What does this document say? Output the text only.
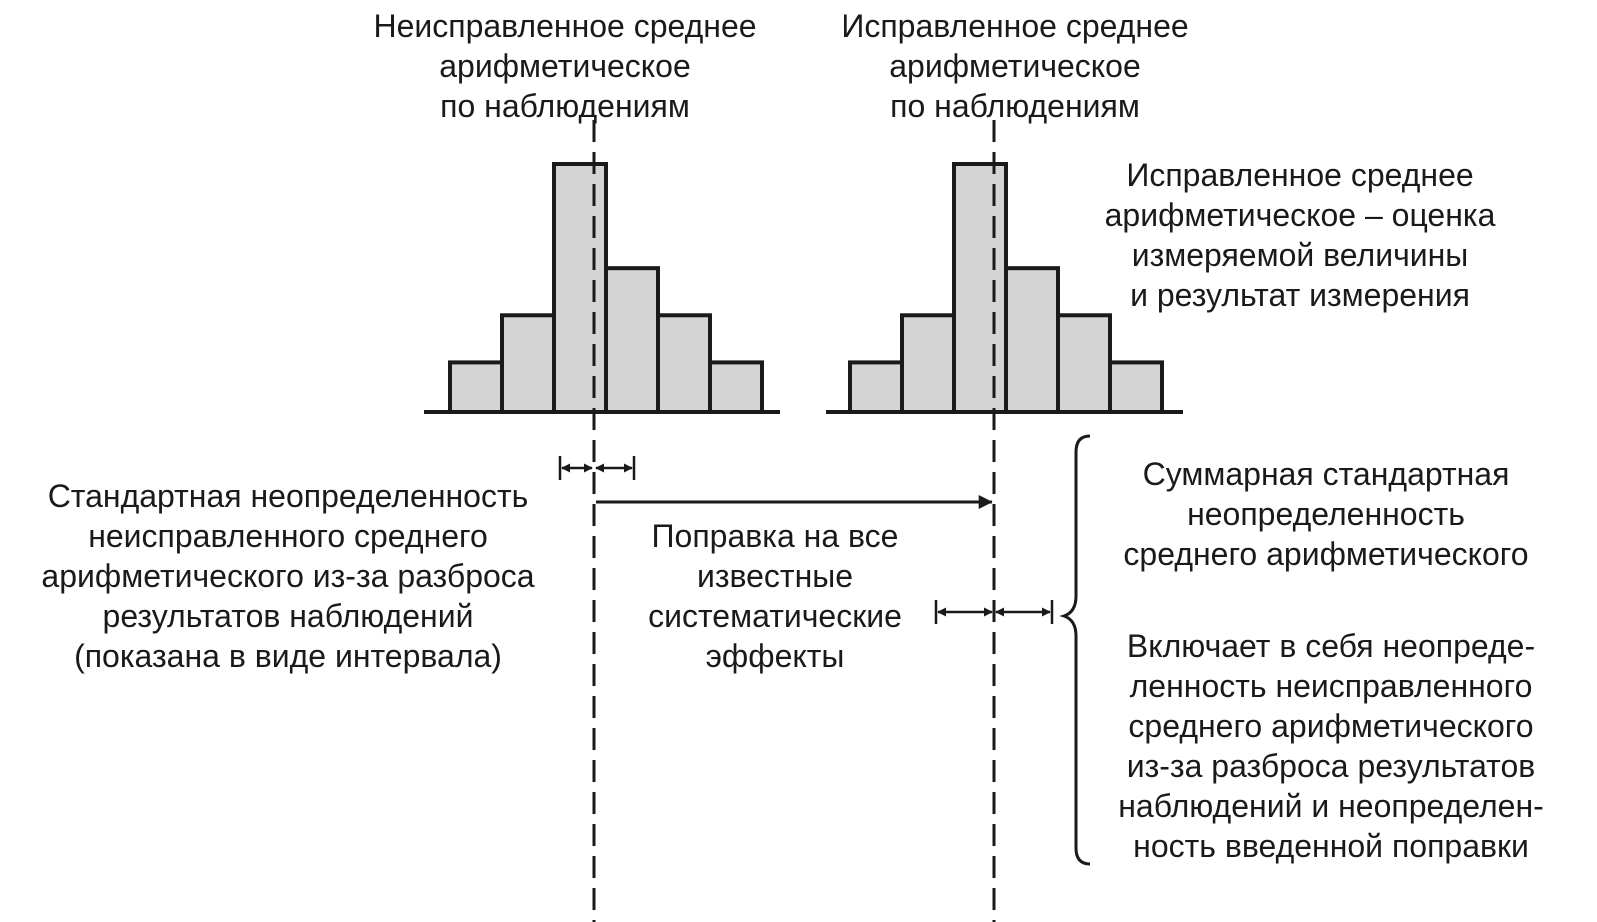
Неисправленное среднее
арифметическое
по наблюдениям
Исправленное среднее
арифметическое
по наблюдениям
Исправленное среднее
арифметическое – оценка
измеряемой величины
и результат измерения
Стандартная неопределенность
неисправленного среднего
арифметического из-за разброса
результатов наблюдений
(показана в виде интервала)
Поправка на все
известные
систематические
эффекты
Суммарная стандартная
неопределенность
среднего арифметического
Включает в себя неопреде-
ленность неисправленного
среднего арифметического
из-за разброса результатов
наблюдений и неопределен-
ность введенной поправки
